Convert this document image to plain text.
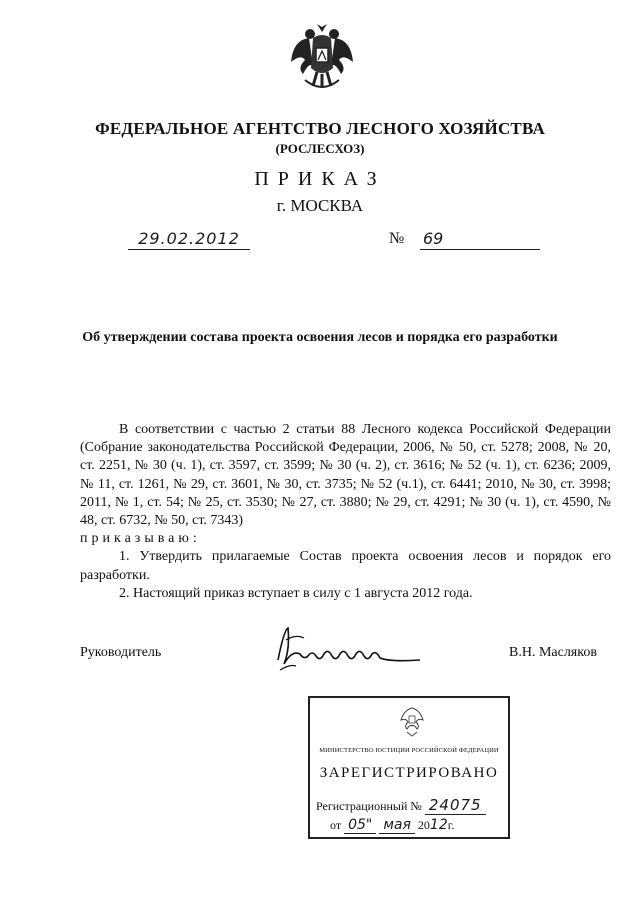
ФЕДЕРАЛЬНОЕ АГЕНТСТВО ЛЕСНОГО ХОЗЯЙСТВА
(РОСЛЕСХОЗ)
ПРИКАЗ
г. МОСКВА
29.02.2012	№ 69
Об утверждении состава проекта освоения лесов и порядка его разработки

В соответствии с частью 2 статьи 88 Лесного кодекса Российской Федерации (Собрание законодательства Российской Федерации, 2006, № 50, ст. 5278; 2008, № 20, ст. 2251, № 30 (ч. 1), ст. 3597, ст. 3599; № 30 (ч. 2), ст. 3616; № 52 (ч. 1), ст. 6236; 2009, № 11, ст. 1261, № 29, ст. 3601, № 30, ст. 3735; № 52 (ч.1), ст. 6441; 2010, № 30, ст. 3998; 2011, № 1, ст. 54; № 25, ст. 3530; № 27, ст. 3880; № 29, ст. 4291; № 30 (ч. 1), ст. 4590, № 48, ст. 6732, № 50, ст. 7343)

приказываю:

1. Утвердить прилагаемые Состав проекта освоения лесов и порядок его разработки.

2. Настоящий приказ вступает в силу с 1 августа 2012 года.

Руководитель	В.Н. Масляков
МИНИСТЕРСТВО ЮСТИЦИИ РОССИЙСКОЙ ФЕДЕРАЦИИ
ЗАРЕГИСТРИРОВАНО
Регистрационный № 24075
от 05" мая 2012г.
